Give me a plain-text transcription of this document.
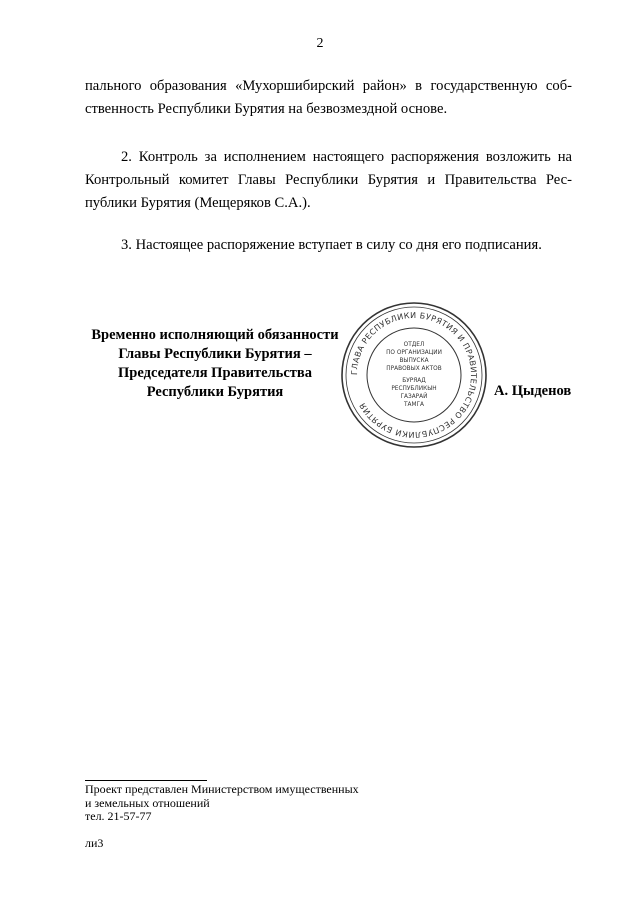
2
пального образования «Мухоршибирский район» в государственную соб-
ственность Республики Бурятия на безвозмездной основе.
2. Контроль за исполнением настоящего распоряжения возложить на
Контрольный комитет Главы Республики Бурятия и Правительства Рес-
публики Бурятия (Мещеряков С.А.).
3. Настоящее распоряжение вступает в силу со дня его подписания.
Временно исполняющий обязанности
Главы Республики Бурятия –
Председателя Правительства
Республики Бурятия
ГЛАВА РЕСПУБЛИКИ БУРЯТИЯ И ПРАВИТЕЛЬСТВО РЕСПУБЛИКИ БУРЯТИЯ
ОТДЕЛ
ПО ОРГАНИЗАЦИИ
ВЫПУСКА
ПРАВОВЫХ АКТОВ
БУРЯАД
РЕСПУБЛИКЫН
ГАЗАРАЙ
ТАМГА
А. Цыденов
Проект представлен Министерством имущественных
и земельных отношений
тел. 21-57-77
ли3
